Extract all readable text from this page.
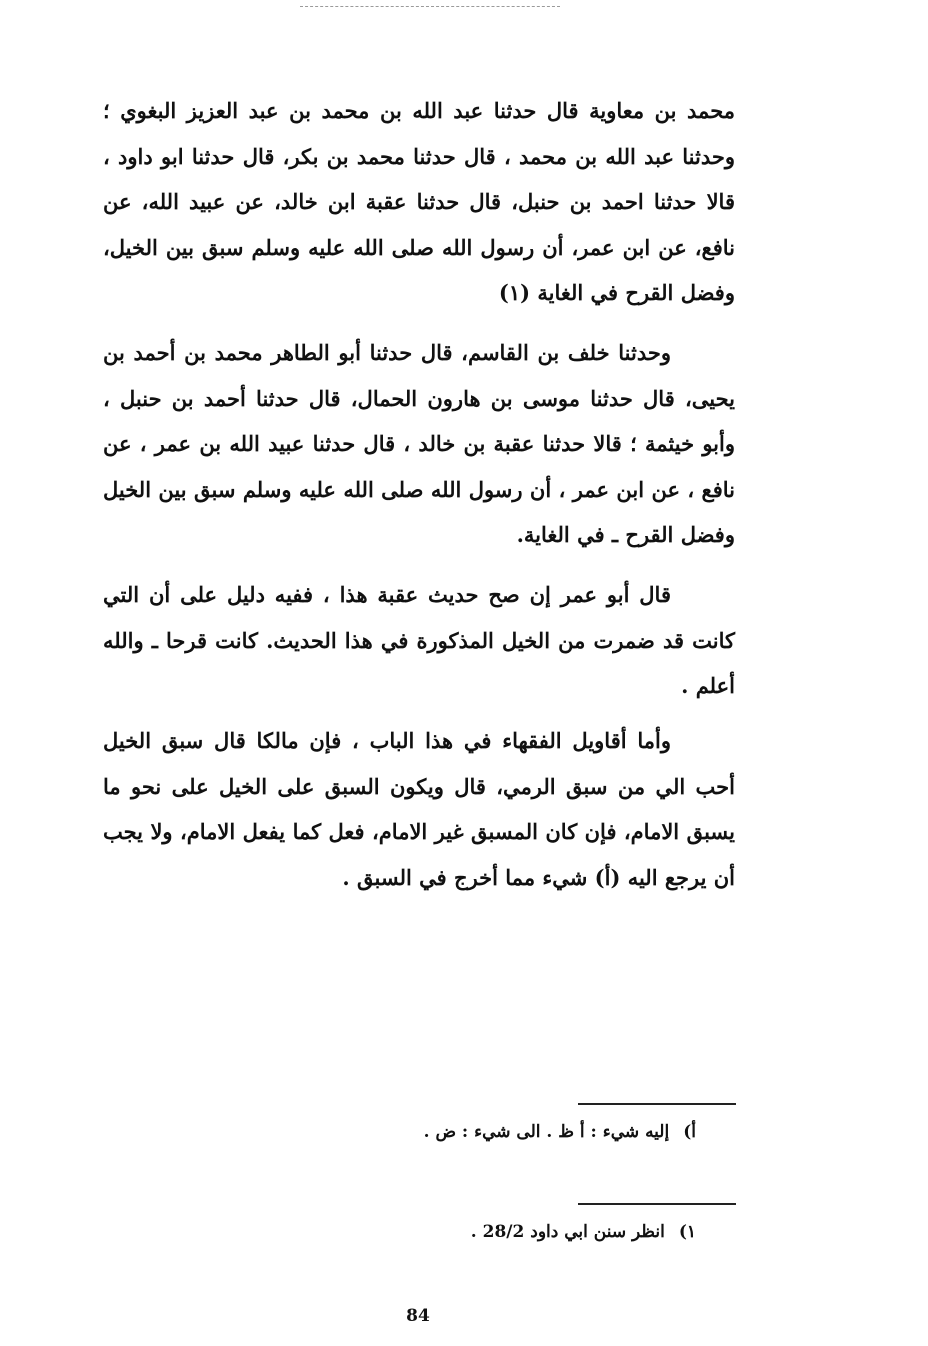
محمد بن معاوية قال حدثنا عبد الله بن محمد بن عبد العزيز البغوي ؛ وحدثنا عبد الله بن محمد ، قال حدثنا محمد بن بكر، قال حدثنا ابو داود ، قالا حدثنا احمد بن حنبل، قال حدثنا عقبة ابن خالد، عن عبيد الله، عن نافع، عن ابن عمر، أن رسول الله صلى الله عليه وسلم سبق بين الخيل، وفضل القرح في الغاية (١)
وحدثنا خلف بن القاسم، قال حدثنا أبو الطاهر محمد بن أحمد بن يحيى، قال حدثنا موسى بن هارون الحمال، قال حدثنا أحمد بن حنبل ، وأبو خيثمة ؛ قالا حدثنا عقبة بن خالد ، قال حدثنا عبيد الله بن عمر ، عن نافع ، عن ابن عمر ، أن رسول الله صلى الله عليه وسلم سبق بين الخيل وفضل القرح ـ في الغاية.
قال أبو عمر إن صح حديث عقبة هذا ، ففيه دليل على أن التي كانت قد ضمرت من الخيل المذكورة في هذا الحديث. كانت قرحا ـ والله أعلم .
وأما أقاويل الفقهاء في هذا الباب ، فإن مالكا قال سبق الخيل أحب الي من سبق الرمي، قال ويكون السبق على الخيل على نحو ما يسبق الامام، فإن كان المسبق غير الامام، فعل كما يفعل الامام، ولا يجب أن يرجع اليه (أ) شيء مما أخرج في السبق .
أ)إليه شيء : أ ظ . الى شيء : ض .
١)انظر سنن ابي داود 28/2 .
84
